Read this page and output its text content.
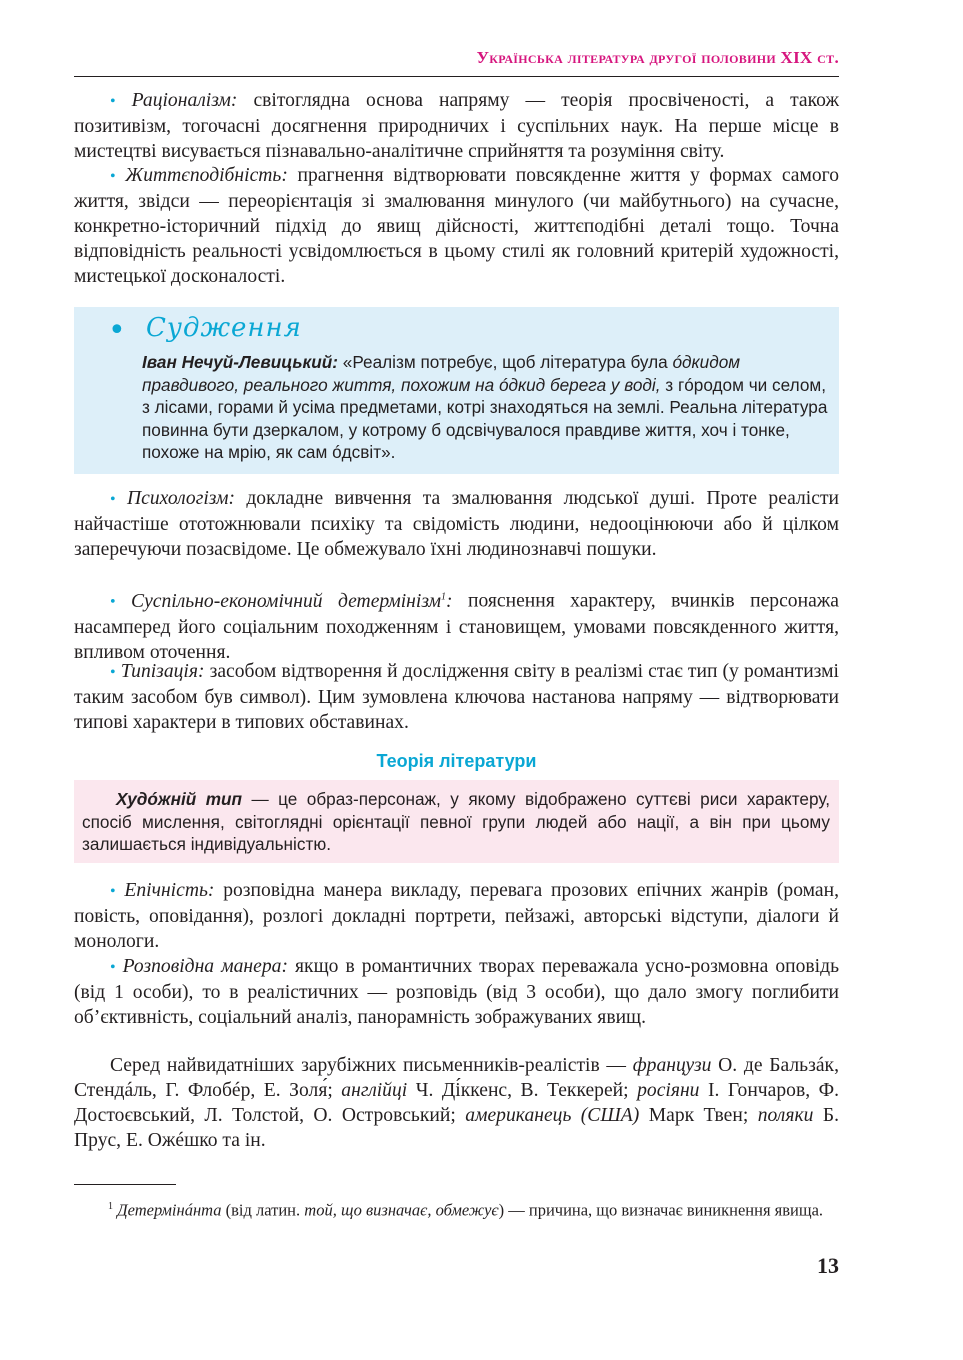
Українська література другої половини XIX ст.

• Раціоналізм: світоглядна основа напряму — теорія просвіченості, а також позитивізм, тогочасні досягнення природничих і суспільних наук. На перше місце в мистецтві висувається пізнавально-аналітичне сприйняття та розуміння світу.

• Життєподібність: прагнення відтворювати повсякденне життя у формах самого життя, звідси — переорієнтація зі змалювання минулого (чи майбутнього) на сучасне, конкретно-історичний підхід до явищ дійсності, життєподібні деталі тощо. Точна відповідність реальності усвідомлюється в цьому стилі як головний критерій художності, мистецької досконалості.

• Судження
Іван Нечуй-Левицький: «Реалізм потребує, щоб література була óдкидом правдивого, реального життя, похожим на óдкид берега у воді, з гóродом чи селом, з лісами, горами й усіма предметами, котрі знаходяться на землі. Реальна література повинна бути дзеркалом, у котрому б одсвічувалося правдиве життя, хоч і тонке, похоже на мрію, як сам óдсвіт».

• Психологізм: докладне вивчення та змалювання людської душі. Проте реалісти найчастіше ототожнювали психіку та свідомість людини, недооцінюючи або й цілком заперечуючи позасвідоме. Це обмежувало їхні людинознавчі пошуки.

• Суспільно-економічний детермінізм$^1$: пояснення характеру, вчинків персонажа насамперед його соціальним походженням і становищем, умовами повсякденного життя, впливом оточення.

• Типізація: засобом відтворення й дослідження світу в реалізмі стає тип (у романтизмі таким засобом був символ). Цим зумовлена ключова настанова напряму — відтворювати типові характери в типових обставинах.

Теорія літератури
Худóжній тип — це образ-персонаж, у якому відображено суттєві риси характеру, спосіб мислення, світоглядні орієнтації певної групи людей або нації, а він при цьому залишається індивідуальністю.

• Епічність: розповідна манера викладу, перевага прозових епічних жанрів (роман, повість, оповідання), розлогі докладні портрети, пейзажі, авторські відступи, діалоги й монологи.

• Розповідна манера: якщо в романтичних творах переважала усно-розмовна оповідь (від 1 особи), то в реалістичних — розповідь (від 3 особи), що дало змогу поглибити об’єктивність, соціальний аналіз, панорамність зображуваних явищ.

Серед найвидатніших зарубіжних письменників-реалістів — французи О. де Бальзáк, Стендáль, Г. Флобéр, Е. Золя́; англійці Ч. Ді́ккенс, В. Теккерей; росіяни І. Гончаров, Ф. Достоєвський, Л. Толстой, О. Островський; американець (США) Марк Твен; поляки Б. Прус, Е. Ожéшко та ін.

$^1$ Детермінáнта (від латин. той, що визначає, обмежує) — причина, що визначає виникнення явища.

13
